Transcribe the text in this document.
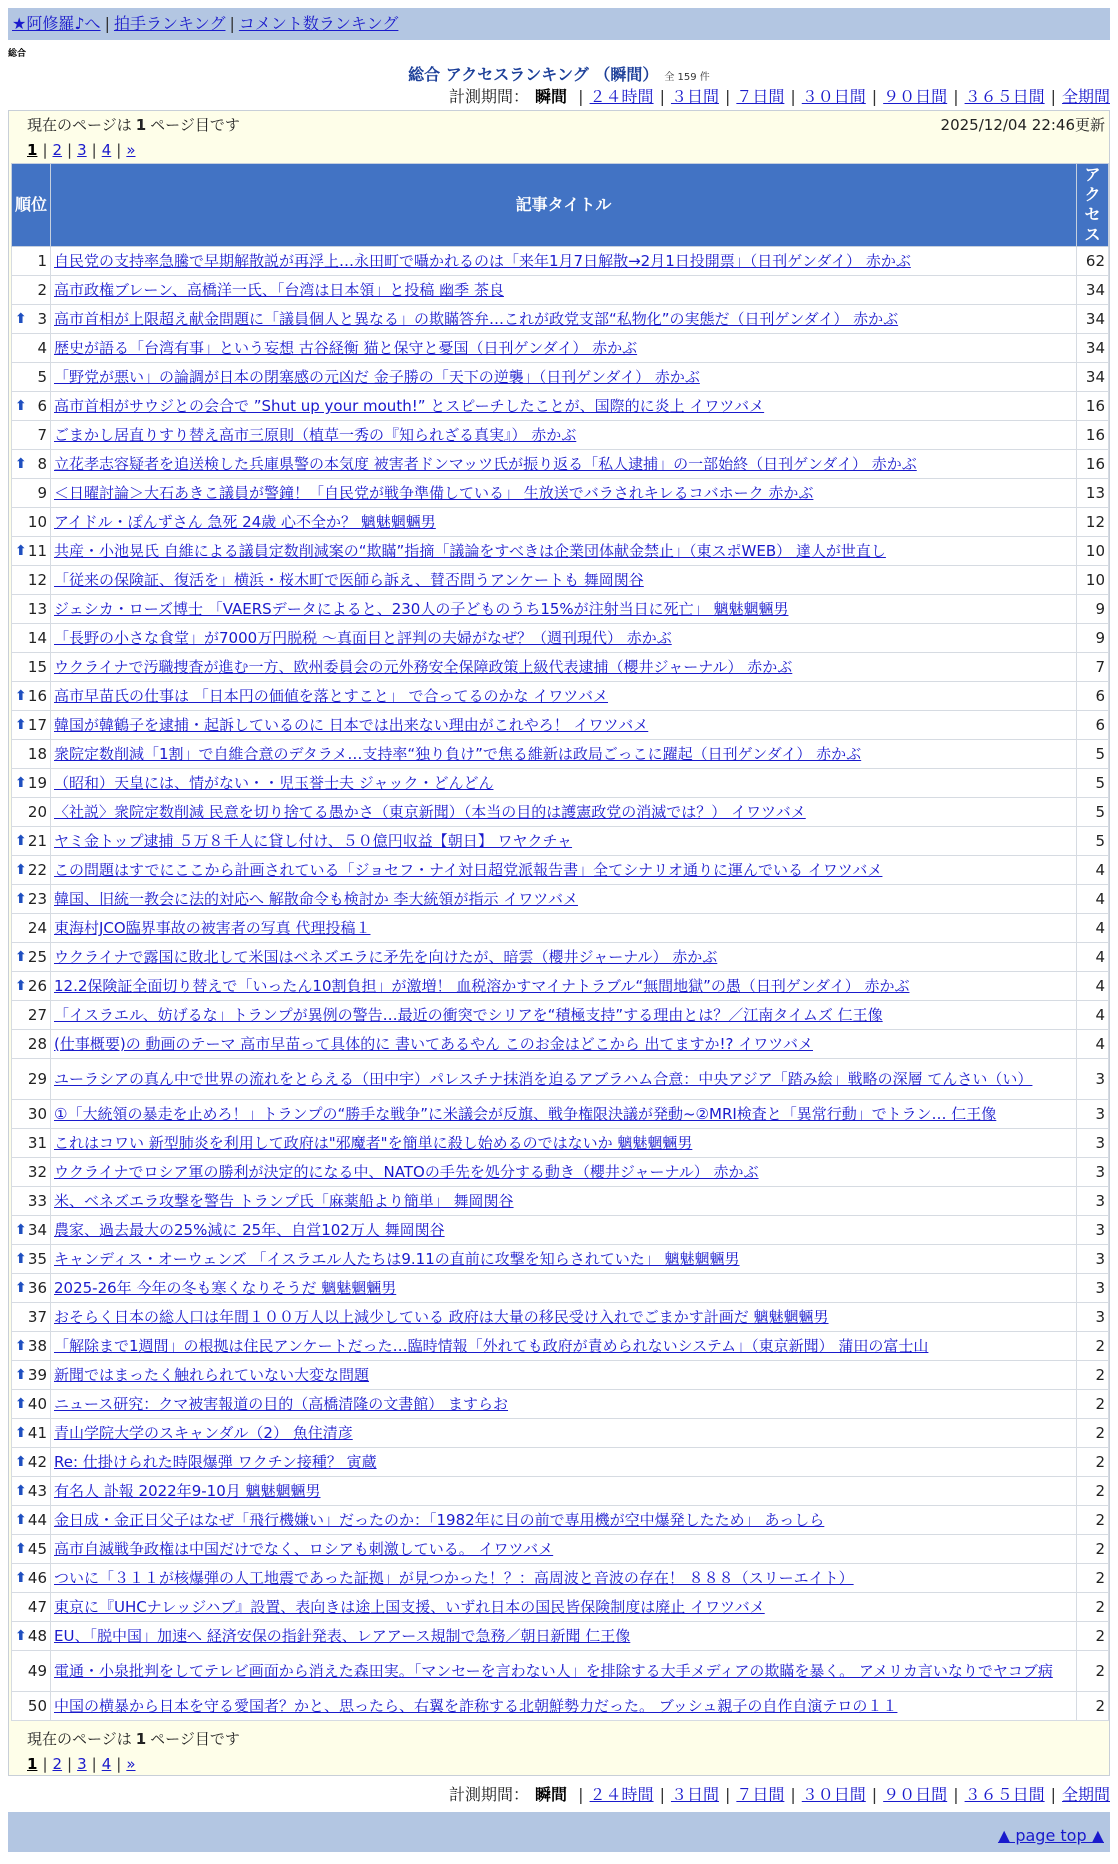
★阿修羅♪へ | 拍手ランキング | コメント数ランキング
総合
総合 アクセスランキング （瞬間） 全 159 件
計測期間： 瞬間 | ２４時間 | ３日間 | ７日間 | ３０日間 | ９０日間 | ３６５日間 | 全期間
現在のページは 1 ページ目です	2025/12/04 22:46更新
1 | 2 | 3 | 4 | »
順位	記事タイトル	アクセス
1	自民党の支持率急騰で早期解散説が再浮上…永田町で囁かれるのは「来年1月7日解散→2月1日投開票」（日刊ゲンダイ） 赤かぶ	62
2	高市政権ブレーン、高橋洋一氏、「台湾は日本領」と投稿 幽季 茶良	34

⬆ 3	高市首相が上限超え献金問題に「議員個人と異なる」の欺瞞答弁…これが政党支部“私物化”の実態だ（日刊ゲンダイ） 赤かぶ	34
4	歴史が語る「台湾有事」という妄想 古谷経衡 猫と保守と憂国（日刊ゲンダイ） 赤かぶ	34
5	「野党が悪い」の論調が日本の閉塞感の元凶だ 金子勝の「天下の逆襲」（日刊ゲンダイ） 赤かぶ	34

⬆ 6	高市首相がサウジとの会合で ”Shut up your mouth!” とスピーチしたことが、国際的に炎上 イワツバメ	16
7	ごまかし居直りすり替え高市三原則（植草一秀の『知られざる真実』） 赤かぶ	16

⬆ 8	立花孝志容疑者を追送検した兵庫県警の本気度 被害者ドンマッツ氏が振り返る「私人逮捕」の一部始終（日刊ゲンダイ） 赤かぶ	16
9	＜日曜討論＞大石あきこ議員が警鐘！「自民党が戦争準備している」 生放送でバラされキレるコバホーク 赤かぶ	13
10	アイドル・ぽんずさん 急死 24歳 心不全か？ 魑魅魍魎男	12

⬆ 11	共産・小池晃氏 自維による議員定数削減案の“欺瞞”指摘「議論をすべきは企業団体献金禁止」（東スポWEB） 達人が世直し	10
12	「従来の保険証、復活を」横浜・桜木町で医師ら訴え、賛否問うアンケートも 舞岡関谷	10
13	ジェシカ・ローズ博士 「VAERSデータによると、230人の子どものうち15%が注射当日に死亡」 魑魅魍魎男	9
14	「長野の小さな食堂」が7000万円脱税 〜真面目と評判の夫婦がなぜ？（週刊現代） 赤かぶ	9
15	ウクライナで汚職捜査が進む一方、欧州委員会の元外務安全保障政策上級代表逮捕（櫻井ジャーナル） 赤かぶ	7

⬆ 16	高市早苗氏の仕事は 「日本円の価値を落とすこと」 で合ってるのかな イワツバメ	6

⬆ 17	韓国が韓鶴子を逮捕・起訴しているのに 日本では出来ない理由がこれやろ！ イワツバメ	6
18	衆院定数削減「1割」で自維合意のデタラメ…支持率“独り負け”で焦る維新は政局ごっこに躍起（日刊ゲンダイ） 赤かぶ	5

⬆ 19	（昭和）天皇には、情がない・・児玉誉士夫 ジャック・どんどん	5
20	〈社説〉衆院定数削減 民意を切り捨てる愚かさ（東京新聞）（本当の目的は護憲政党の消滅では？） イワツバメ	5

⬆ 21	ヤミ金トップ逮捕 ５万８千人に貸し付け、５０億円収益【朝日】 ワヤクチャ	5

⬆ 22	この問題はすでにここから計画されている「ジョセフ・ナイ対日超党派報告書」全てシナリオ通りに運んでいる イワツバメ	4

⬆ 23	韓国、旧統一教会に法的対応へ 解散命令も検討か 李大統領が指示 イワツバメ	4
24	東海村JCO臨界事故の被害者の写真 代理投稿１	4

⬆ 25	ウクライナで露国に敗北して米国はベネズエラに矛先を向けたが、暗雲（櫻井ジャーナル） 赤かぶ	4

⬆ 26	12.2保険証全面切り替えで「いったん10割負担」が激増！ 血税溶かすマイナトラブル“無間地獄”の愚（日刊ゲンダイ） 赤かぶ	4
27	「イスラエル、妨げるな」トランプが異例の警告…最近の衝突でシリアを“積極支持”する理由とは？／江南タイムズ 仁王像	4
28	(仕事概要)の 動画のテーマ 高市早苗って具体的に 書いてあるやん このお金はどこから 出てますか!? イワツバメ	4
29	ユーラシアの真ん中で世界の流れをとらえる（田中宇）パレスチナ抹消を迫るアブラハム合意：中央アジア「踏み絵」戦略の深層 てんさい（い）	3
30	①「大統領の暴走を止めろ！」トランプの“勝手な戦争”に米議会が反旗、戦争権限決議が発動~②MRI検査と「異常行動」でトラン… 仁王像	3
31	これはコワい 新型肺炎を利用して政府は"邪魔者"を簡単に殺し始めるのではないか 魑魅魍魎男	3
32	ウクライナでロシア軍の勝利が決定的になる中、NATOの手先を処分する動き（櫻井ジャーナル） 赤かぶ	3
33	米、ベネズエラ攻撃を警告 トランプ氏「麻薬船より簡単」 舞岡関谷	3

⬆ 34	農家、過去最大の25%減に 25年、自営102万人 舞岡関谷	3

⬆ 35	キャンディス・オーウェンズ 「イスラエル人たちは9.11の直前に攻撃を知らされていた」 魑魅魍魎男	3

⬆ 36	2025-26年 今年の冬も寒くなりそうだ 魑魅魍魎男	3
37	おそらく日本の総人口は年間１００万人以上減少している 政府は大量の移民受け入れでごまかす計画だ 魑魅魍魎男	3

⬆ 38	「解除まで1週間」の根拠は住民アンケートだった…臨時情報「外れても政府が責められないシステム」（東京新聞） 蒲田の富士山	2

⬆ 39	新聞ではまったく触れられていない大変な問題	2

⬆ 40	ニュース研究：クマ被害報道の目的（高橋清隆の文書館） ますらお	2

⬆ 41	青山学院大学のスキャンダル（2） 魚住清彦	2

⬆ 42	Re: 仕掛けられた時限爆弾 ワクチン接種？ 寅蔵	2

⬆ 43	有名人 訃報 2022年9-10月 魑魅魍魎男	2

⬆ 44	金日成・金正日父子はなぜ「飛行機嫌い」だったのか：「1982年に目の前で専用機が空中爆発したため」 あっしら	2

⬆ 45	高市自滅戦争政権は中国だけでなく、ロシアも刺激している。 イワツバメ	2

⬆ 46	ついに「３１１が核爆弾の人工地震であった証拠」が見つかった！？：高周波と音波の存在！ ８８８（スリーエイト）	2
47	東京に『UHCナレッジハブ』設置、表向きは途上国支援、いずれ日本の国民皆保険制度は廃止 イワツバメ	2

⬆ 48	EU、「脱中国」加速へ 経済安保の指針発表、レアアース規制で急務／朝日新聞 仁王像	2
49	電通・小泉批判をしてテレビ画面から消えた森田実。「マンセーを言わない人」を排除する大手メディアの欺瞞を暴く。 アメリカ言いなりでヤコブ病	2
50	中国の横暴から日本を守る愛国者？かと、思ったら、右翼を詐称する北朝鮮勢力だった。 ブッシュ親子の自作自演テロの１１	2
現在のページは 1 ページ目です
1 | 2 | 3 | 4 | »
計測期間： 瞬間 | ２４時間 | ３日間 | ７日間 | ３０日間 | ９０日間 | ３６５日間 | 全期間
▲ page top ▲
